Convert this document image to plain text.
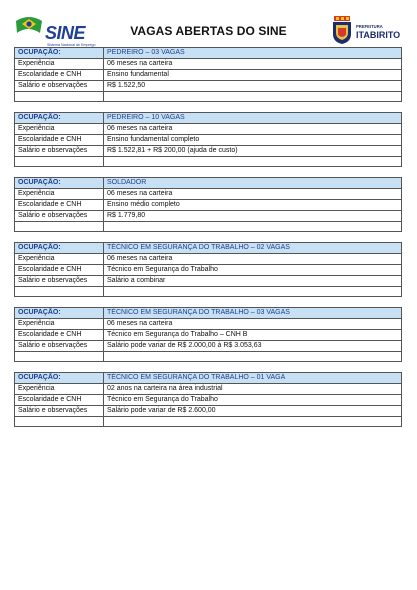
SINE
Sistema Nacional de Emprego
VAGAS ABERTAS DO SINE	PREFEITURA
ITABIRITO
OCUPAÇÃO:	PEDREIRO – 03 VAGAS
Experiência	06 meses na carteira
Escolaridade e CNH	Ensino fundamental
Salário e observações	R$ 1.522,50

OCUPAÇÃO:	PEDREIRO – 10 VAGAS
Experiência	06 meses na carteira
Escolaridade e CNH	Ensino fundamental completo
Salário e observações	R$ 1.522,81 + R$ 200,00 (ajuda de custo)

OCUPAÇÃO:	SOLDADOR
Experiência	06 meses na carteira
Escolaridade e CNH	Ensino médio completo
Salário e observações	R$ 1.779,80

OCUPAÇÃO:	TÉCNICO EM SEGURANÇA DO TRABALHO – 02 VAGAS
Experiência	06 meses na carteira
Escolaridade e CNH	Técnico em Segurança do Trabalho
Salário e observações	Salário a combinar

OCUPAÇÃO:	TÉCNICO EM SEGURANÇA DO TRABALHO – 03 VAGAS
Experiência	06 meses na carteira
Escolaridade e CNH	Técnico em Segurança do Trabalho – CNH B
Salário e observações	Salário pode variar de R$ 2.000,00 à R$ 3.053,63

OCUPAÇÃO:	TÉCNICO EM SEGURANÇA DO TRABALHO – 01 VAGA
Experiência	02 anos na carteira na área industrial
Escolaridade e CNH	Técnico em Segurança do Trabalho
Salário e observações	Salário pode variar de R$ 2.600,00
